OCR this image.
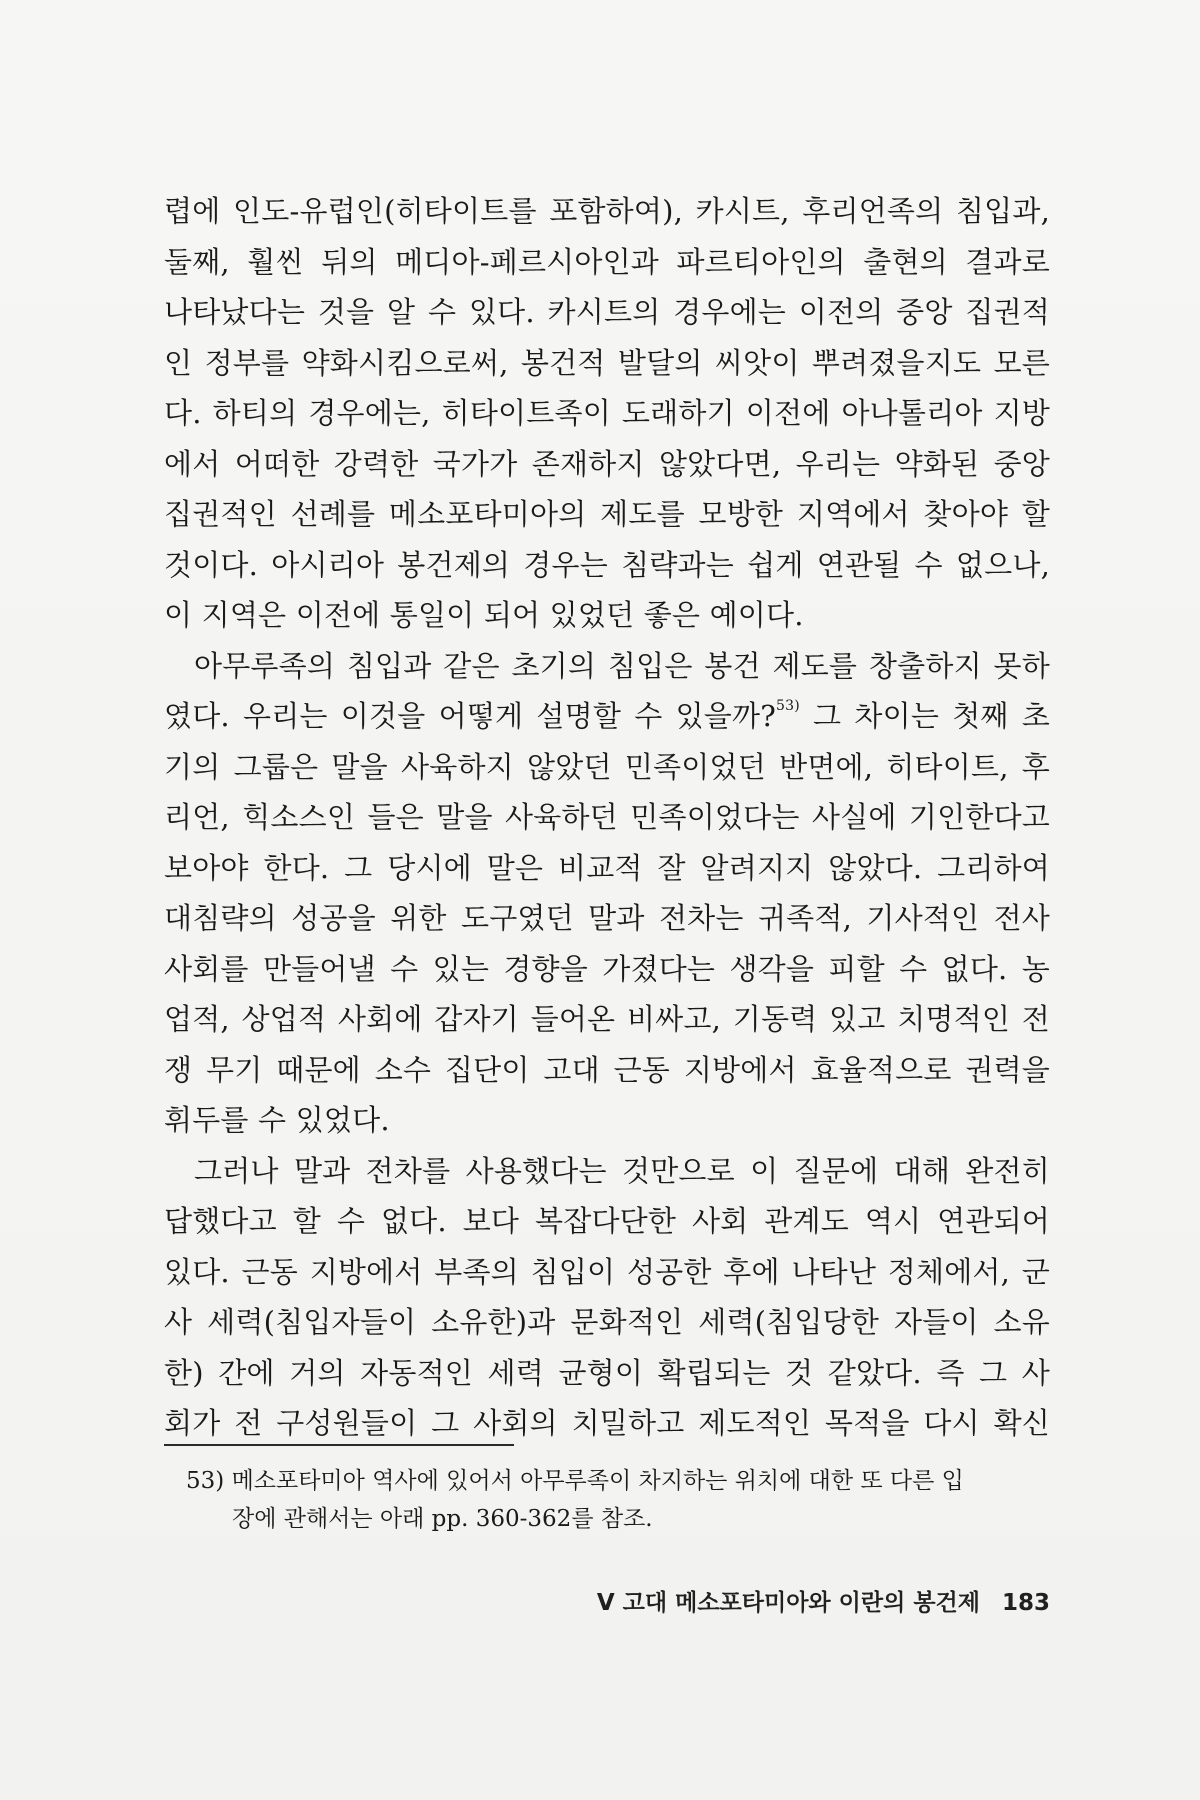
렵에 인도-유럽인(히타이트를 포함하여), 카시트, 후리언족의 침입과,
둘째, 훨씬 뒤의 메디아-페르시아인과 파르티아인의 출현의 결과로
나타났다는 것을 알 수 있다. 카시트의 경우에는 이전의 중앙 집권적
인 정부를 약화시킴으로써, 봉건적 발달의 씨앗이 뿌려졌을지도 모른
다. 하티의 경우에는, 히타이트족이 도래하기 이전에 아나톨리아 지방
에서 어떠한 강력한 국가가 존재하지 않았다면, 우리는 약화된 중앙
집권적인 선례를 메소포타미아의 제도를 모방한 지역에서 찾아야 할
것이다. 아시리아 봉건제의 경우는 침략과는 쉽게 연관될 수 없으나,
이 지역은 이전에 통일이 되어 있었던 좋은 예이다.
아무루족의 침입과 같은 초기의 침입은 봉건 제도를 창출하지 못하
였다. 우리는 이것을 어떻게 설명할 수 있을까?$^{53)}$ 그 차이는 첫째 초
기의 그룹은 말을 사육하지 않았던 민족이었던 반면에, 히타이트, 후
리언, 힉소스인 들은 말을 사육하던 민족이었다는 사실에 기인한다고
보아야 한다. 그 당시에 말은 비교적 잘 알려지지 않았다. 그리하여
대침략의 성공을 위한 도구였던 말과 전차는 귀족적, 기사적인 전사
사회를 만들어낼 수 있는 경향을 가졌다는 생각을 피할 수 없다. 농
업적, 상업적 사회에 갑자기 들어온 비싸고, 기동력 있고 치명적인 전
쟁 무기 때문에 소수 집단이 고대 근동 지방에서 효율적으로 권력을
휘두를 수 있었다.
그러나 말과 전차를 사용했다는 것만으로 이 질문에 대해 완전히
답했다고 할 수 없다. 보다 복잡다단한 사회 관계도 역시 연관되어
있다. 근동 지방에서 부족의 침입이 성공한 후에 나타난 정체에서, 군
사 세력(침입자들이 소유한)과 문화적인 세력(침입당한 자들이 소유
한) 간에 거의 자동적인 세력 균형이 확립되는 것 같았다. 즉 그 사
회가 전 구성원들이 그 사회의 치밀하고 제도적인 목적을 다시 확신
53) 메소포타미아 역사에 있어서 아무루족이 차지하는 위치에 대한 또 다른 입
장에 관해서는 아래 pp. 360-362를 참조.
V 고대 메소포타미아와 이란의 봉건제 183
